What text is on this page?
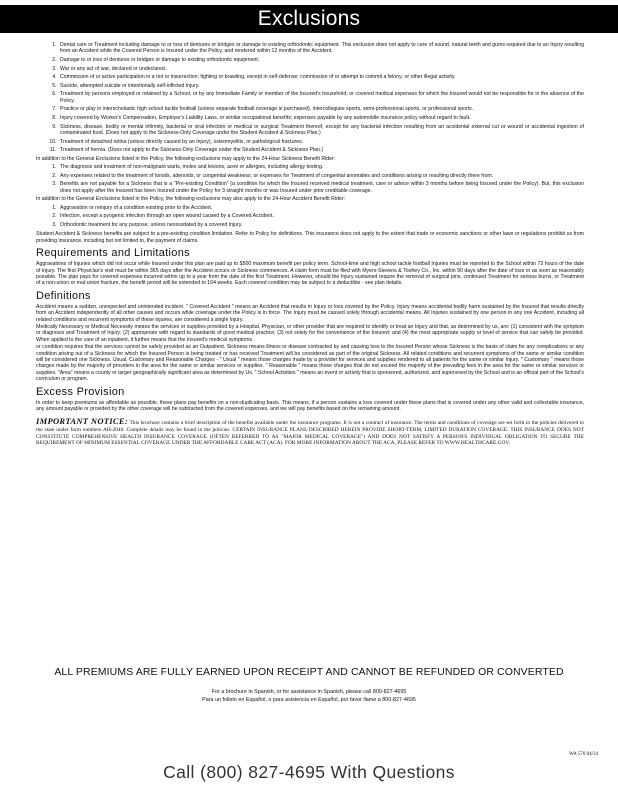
Exclusions
1. Dental care or Treatment including damage to or loss of dentures or bridges or damage to existing orthodontic equipment. This exclusion does not apply to care of sound, natural teeth and gums required due to an Injury resulting from an Accident while the Covered Person is Insured under the Policy, and rendered within 12 months of the Accident.
2. Damage to or loss of dentures or bridges or damage to existing orthodontic equipment.
3. War or any act of war, declared or undeclared.
4. Commission of or active participation in a riot or insurrection; fighting or brawling, except in self-defense; commission of or attempt to commit a felony; or other illegal activity.
5. Suicide, attempted suicide or intentionally self-inflicted Injury.
6. Treatment by persons employed or retained by a School, or by any Immediate Family or member of the Insured's household; or covered medical expenses for which the Insured would not be responsible for in the absence of the Policy.
7. Practice or play in interscholastic high school tackle football (unless separate football coverage is purchased), intercollegiate sports, semi-professional sports, or professional sports.
8. Injury covered by Worker's Compensation, Employer's Liability Laws, or similar occupational benefits; expenses payable by any automobile insurance policy without regard to fault.
9. Sickness, disease, bodily or mental infirmity, bacterial or viral infection or medical or surgical Treatment thereof, except for any bacterial infection resulting from an accidental external cut or wound or accidental ingestion of contaminated food. (Does not apply to the Sickness-Only Coverage under the Student Accident & Sickness Plan.)
10. Treatment of detached retina (unless directly caused by an Injury), osteomyelitis, or pathological fractures.
11. Treatment of hernia. (Does not apply to the Sickness-Only Coverage under the Student Accident & Sickness Plan.)
In addition to the General Exclusions listed in the Policy, the following exclusions may apply to the 24-Hour Sickness Benefit Rider:
1. The diagnosis and treatment of non-malignant warts, moles and lesions, acne or allergies, including allergy testing.
2. Any expenses related to the treatment of tonsils, adenoids, or congenital weakness; or expenses for Treatment of congenital anomalies and conditions arising or resulting directly there from.
3. Benefits are not payable for a Sickness that is a "Pre-existing Condition" (a condition for which the Insured received medical treatment, care or advice within 3 months before being Insured under the Policy). But, this exclusion does not apply after the Insured has been Insured under the Policy for 3 straight months or was Insured under prior creditable coverage.
In addition to the General Exclusions listed in the Policy, the following exclusions may also apply to the 24-Hour Accident Benefit Rider:
1. Aggravation or reinjury of a condition existing prior to the Accident.
2. Infection, except a pyogenic infection through an open wound caused by a Covered Accident.
3. Orthodontic treatment for any purpose, unless necessitated by a covered Injury.
Student Accident & Sickness benefits are subject to a pre-existing condition limitation. Refer to Policy for definitions. This insurance does not apply to the extent that trade or economic sanctions or other laws or regulations prohibit us from providing insurance, including but not limited to, the payment of claims.
Requirements and Limitations
Aggravations of Injuries which did not occur while Insured under this plan are paid up to $500 maximum benefit per policy term. School-time and high school tackle football Injuries must be reported to the School within 72 hours of the date of Injury. The first Physician's visit must be within 365 days after the Accident occurs or Sickness commences. A claim form must be filed with Myers-Stevens & Toohey Co., Inc. within 90 days after the date of loss or as soon as reasonably possible. The plan pays for covered expenses incurred within up to a year from the date of the first Treatment. However, should the Injury sustained require the removal of surgical pins, continued Treatment for serious burns, or Treatment of a non-union or mal-union fracture, the benefit period will be extended to 104 weeks. Each covered condition may be subject to a deductible - see plan details.
Definitions
Accident means a sudden, unexpected and unintended incident. " Covered Accident " means an Accident that results in Injury or loss covered by the Policy. Injury means accidental bodily harm sustained by the Insured that results directly from an Accident independently of all other causes and occurs while coverage under the Policy is in force. The Injury must be caused solely through accidental means. All Injuries sustained by one person in any one Accident, including all related conditions and recurrent symptoms of these injuries, are considered a single Injury.
Medically Necessary or Medical Necessity means the services or supplies provided by a Hospital, Physician, or other provider that are required to identify or treat an Injury and that, as determined by us, are: (1) consistent with the symptom or diagnosis and Treatment of Injury; (2) appropriate with regard to standards of good medical practice; (3) not solely for the convenience of the Insured; and (4) the most appropriate supply or level of service that can safely be provided. When applied to the care of an inpatient, it further means that the Insured's medical symptoms
or condition requires that the services cannot be safely provided as an Outpatient. Sickness means illness or disease contracted by and causing loss to the Insured Person whose Sickness is the basis of claim for any complications or any condition arising out of a Sickness for which the Insured Person is being treated or has received Treatment will be considered as part of the original Sickness. All related conditions and recurrent symptoms of the same or similar condition will be considered one Sickness. Usual, Customary and Reasonable Charges - " Usual " means those charges made by a provider for services and supplies rendered to all patients for the same or similar Injury. " Customary " means those charges made by the majority of providers in the area for the same or similar services or supplies. " Reasonable " means those charges that do not exceed the majority of the prevailing fees in the area for the same or similar services or supplies. "Area" means a county or larger geographically significant area as determined by Us. " School Activities " means an event or activity that is sponsored, authorized, and supervised by the School and is an official part of the School's curriculum or program.
Excess Provision
In order to keep premiums as affordable as possible, these plans pay benefits on a non-duplicating basis. This means, if a person sustains a loss covered under these plans that is covered under any other valid and collectable insurance, any amount payable or provided by the other coverage will be subtracted from the covered expenses, and we will pay benefits based on the remaining amount.
IMPORTANT NOTICE: This brochure contains a brief description of the benefits available under the insurance programs. It is not a contract of insurance. The terms and conditions of coverage are set forth in the policies delivered to the state under form numbers AH-2040. Complete details may be found in the policies. CERTAIN INSURANCE PLANS DESCRIBED HEREIN PROVIDE SHORT-TERM, LIMITED DURATION COVERAGE. THIS INSURANCE DOES NOT CONSTITUTE COMPREHENSIVE HEALTH INSURANCE COVERAGE (OFTEN REFERRED TO AS "MAJOR MEDICAL COVERAGE") AND DOES NOT SATISFY A PERSON'S INDIVIDUAL OBLIGATION TO SECURE THE REQUIREMENT OF MINIMUM ESSENTIAL COVERAGE UNDER THE AFFORDABLE CARE ACT (ACA). FOR MORE INFORMATION ABOUT THE ACA, PLEASE REFER TO WWW.HEALTHCARE.GOV.
ALL PREMIUMS ARE FULLY EARNED UPON RECEIPT AND CANNOT BE REFUNDED OR CONVERTED
For a brochure in Spanish, or for assistance in Spanish, please call 800-827-4695
Para un folleto en Español, o para asistencia en Español, por favor llame a 800-827-4695
WA 570 04/24
Call (800) 827-4695 With Questions
